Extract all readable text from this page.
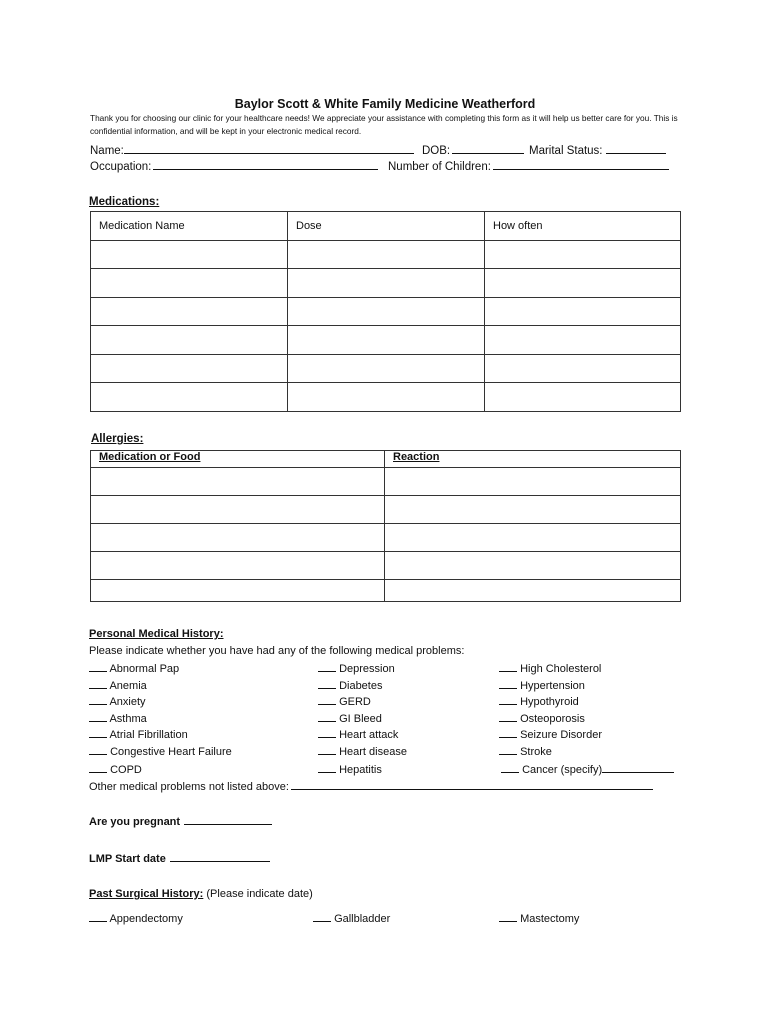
Baylor Scott & White Family Medicine Weatherford
Thank you for choosing our clinic for your healthcare needs! We appreciate your assistance with completing this form as it will help us better care for you. This is confidential information, and will be kept in your electronic medical record.
Name:	DOB:	Marital Status:
Occupation:	Number of Children:
Medications:
Medication Name	Dose	How often

Allergies:
Medication or Food	Reaction

Personal Medical History:
Please indicate whether you have had any of the following medical problems:
Abnormal Pap
Anemia
Anxiety
Asthma
Atrial Fibrillation
Congestive Heart Failure
COPD
Depression
Diabetes
GERD
GI Bleed
Heart attack
Heart disease
Hepatitis
High Cholesterol
Hypertension
Hypothyroid
Osteoporosis
Seizure Disorder
Stroke
Cancer (specify)
Other medical problems not listed above:
Are you pregnant
LMP Start date
Past Surgical History: (Please indicate date)
Appendectomy	Gallbladder	Mastectomy
